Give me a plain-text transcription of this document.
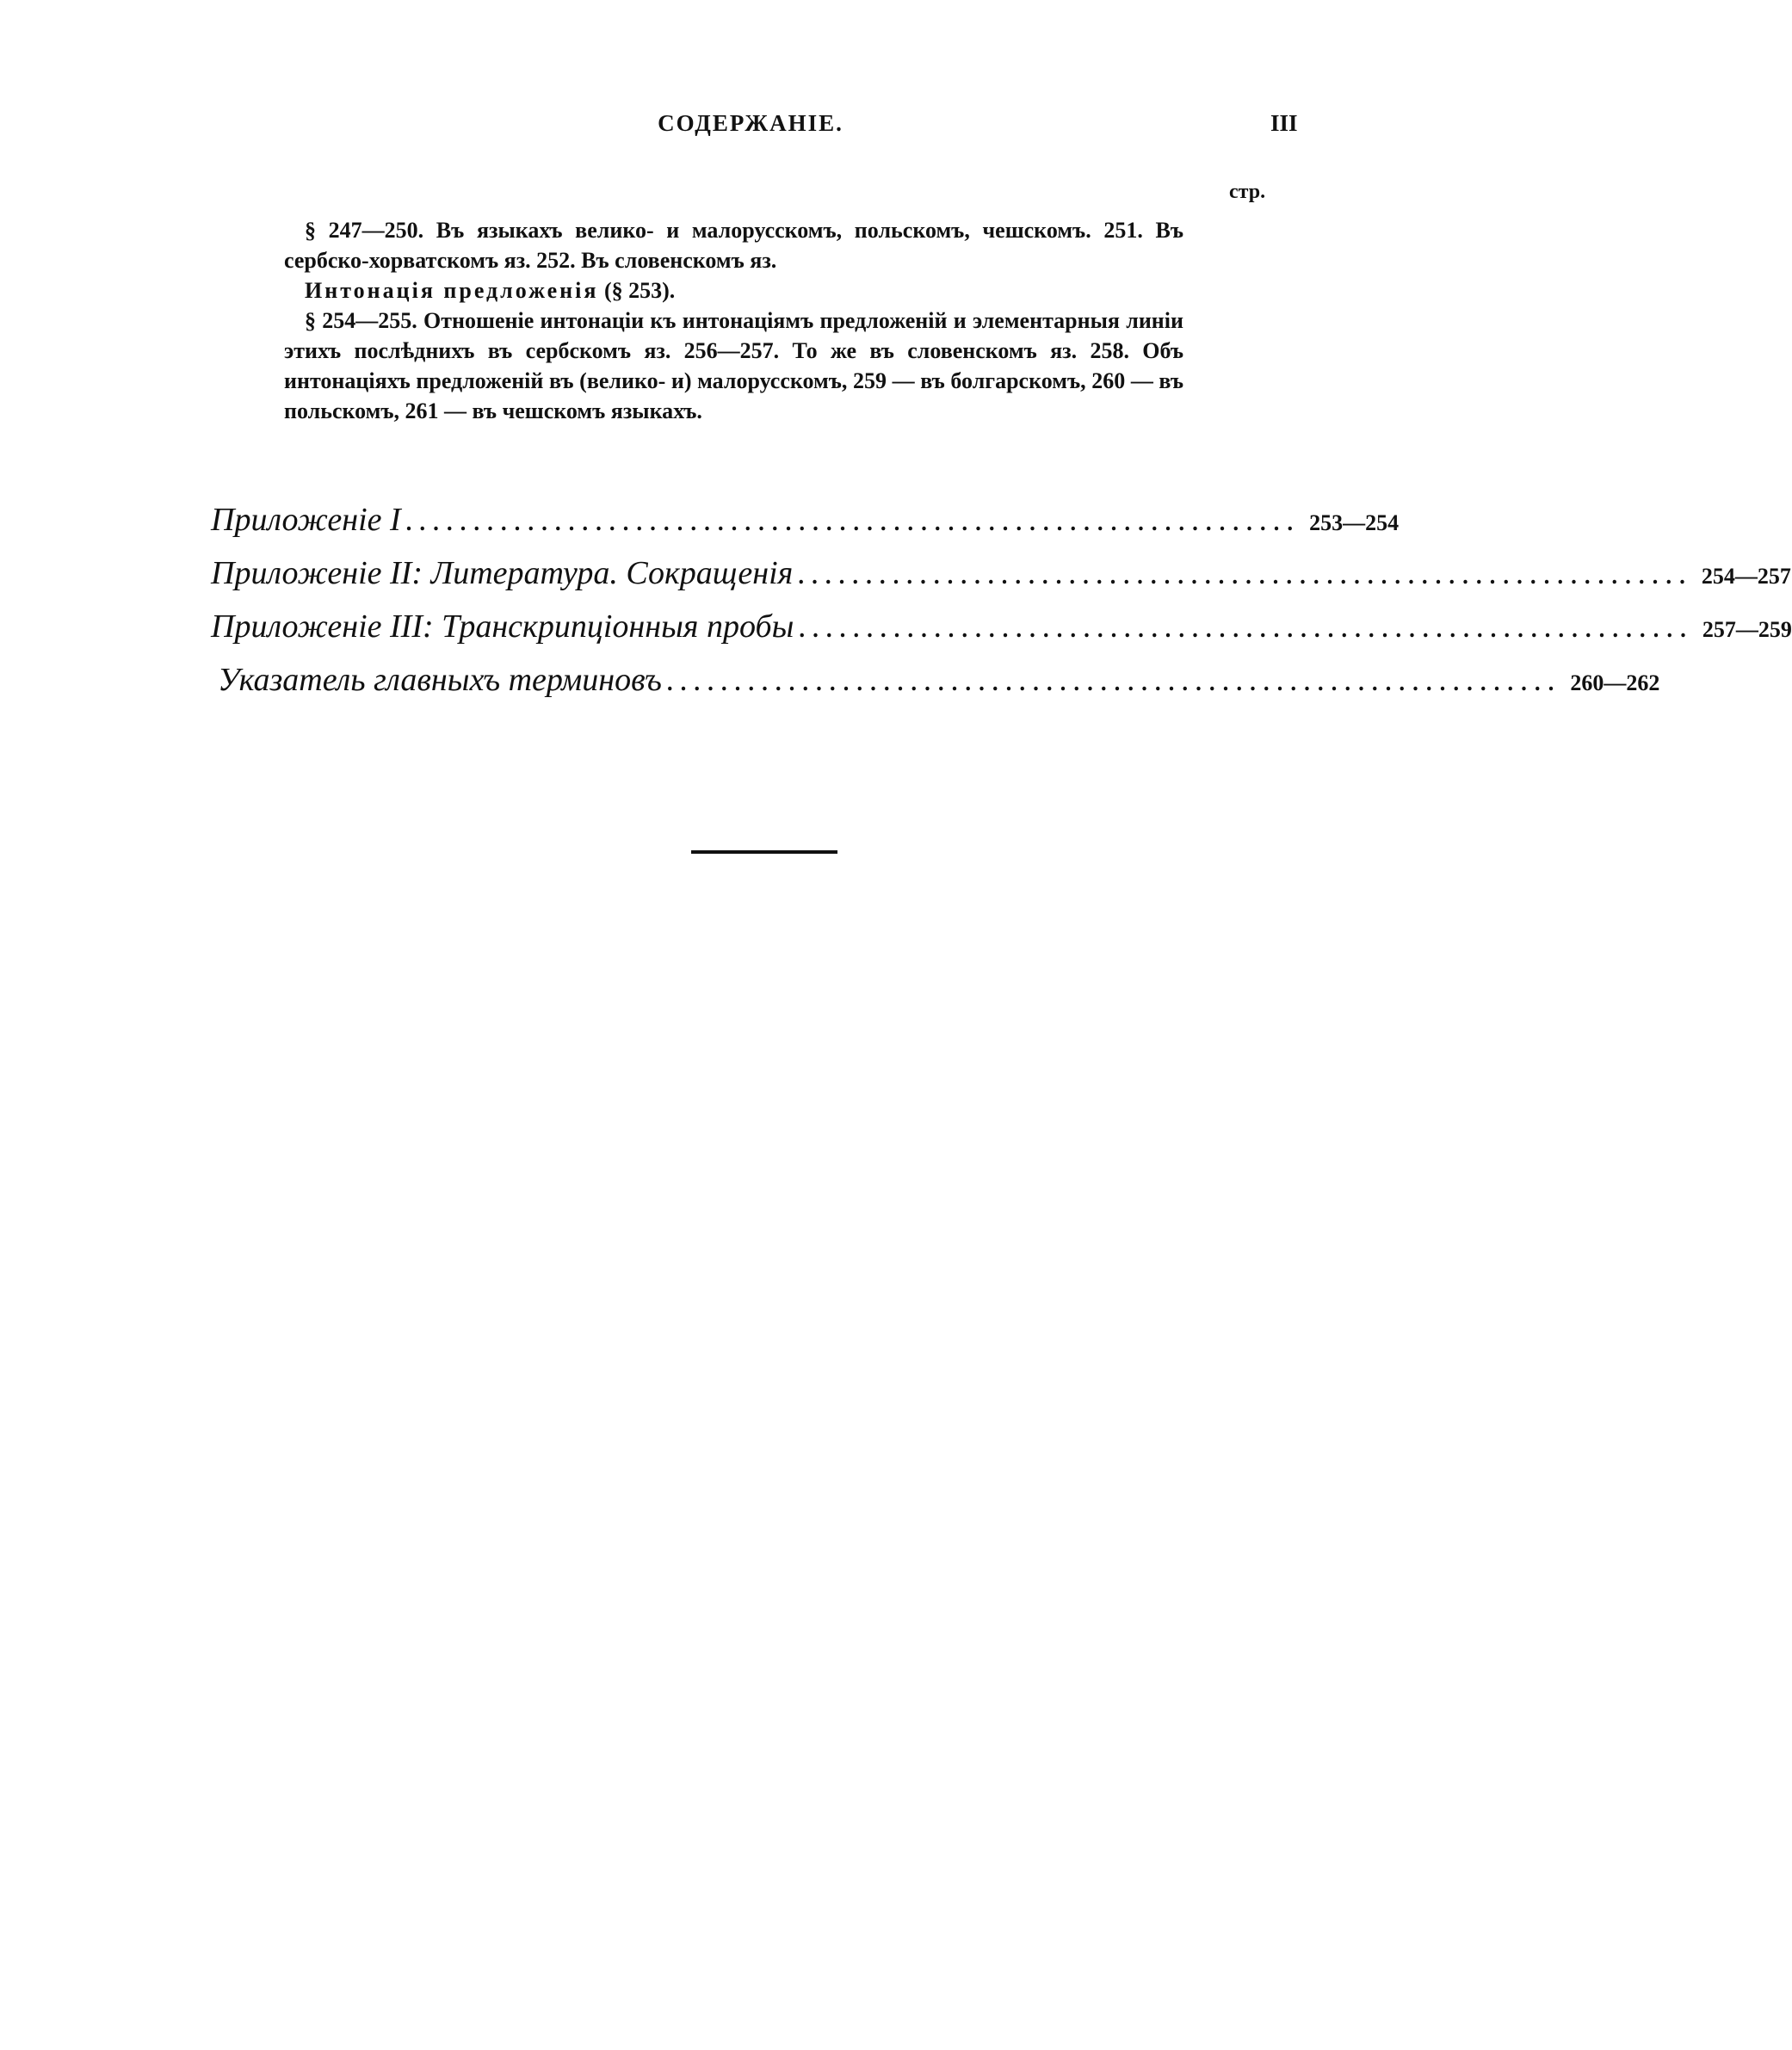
СОДЕРЖАНІЕ.	III
стр.

§ 247—250. Въ языкахъ велико- и малорусскомъ, польскомъ, чешскомъ. 251. Въ сербско-хорватскомъ яз. 252. Въ словенскомъ яз.

Интонація предложенія (§ 253).

§ 254—255. Отношеніе интонаціи къ интонаціямъ предложеній и элементарныя линіи этихъ послѣднихъ въ сербскомъ яз. 256—257. То же въ словенскомъ яз. 258. Объ интонаціяхъ предложеній въ (велико- и) малорусскомъ, 259 — въ болгарскомъ, 260 — въ польскомъ, 261 — въ чешскомъ языкахъ.

Приложеніе I .................................................................. 253—254
Приложеніе II: Литература. Сокращенія .................................................................. 254—257
Приложеніе III: Транскрипціонныя пробы .................................................................. 257—259
Указатель главныхъ терминовъ .................................................................. 260—262
